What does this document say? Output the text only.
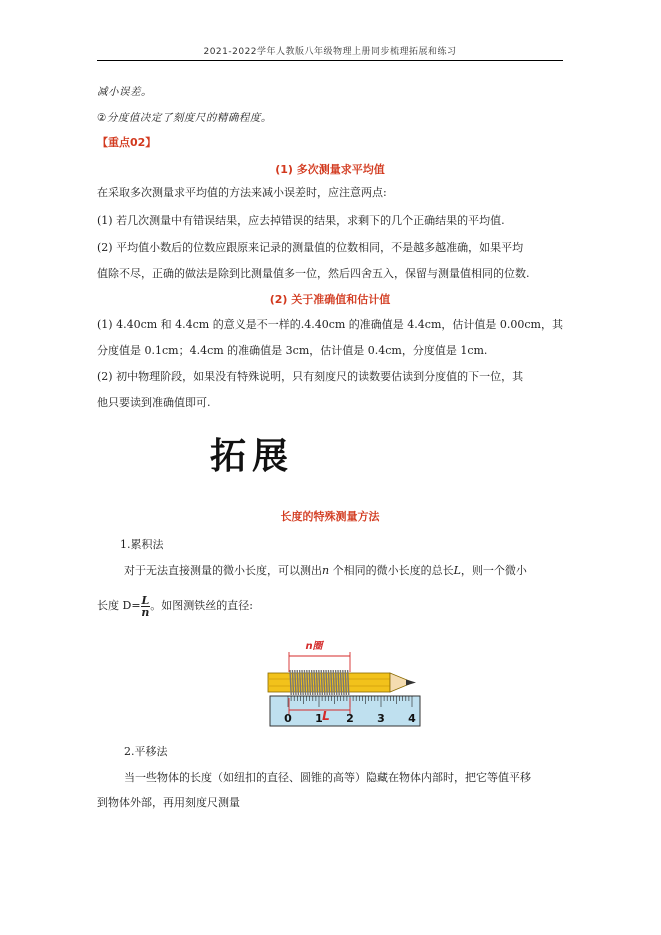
2021-2022学年人教版八年级物理上册同步梳理拓展和练习
减小误差。
②分度值决定了刻度尺的精确程度。
【重点02】
(1) 多次测量求平均值
在采取多次测量求平均值的方法来减小误差时，应注意两点:
(1) 若几次测量中有错误结果，应去掉错误的结果，求剩下的几个正确结果的平均值.
(2) 平均值小数后的位数应跟原来记录的测量值的位数相同，不是越多越准确，如果平均
值除不尽，正确的做法是除到比测量值多一位，然后四舍五入，保留与测量值相同的位数.
(2) 关于准确值和估计值
(1) 4.40cm 和 4.4cm 的意义是不一样的.4.40cm 的准确值是 4.4cm，估计值是 0.00cm，其
分度值是 0.1cm；4.4cm 的准确值是 3cm，估计值是 0.4cm，分度值是 1cm.
(2) 初中物理阶段，如果没有特殊说明，只有刻度尺的读数要估读到分度值的下一位，其
他只要读到准确值即可.
拓展
长度的特殊测量方法
1.累积法
对于无法直接测量的微小长度，可以测出n 个相同的微小长度的总长L，则一个微小
长度 $D= \frac{L}{n}$ 。如图测铁丝的直径:
0 1 2 3 4
n圈
L
2.平移法
当一些物体的长度（如纽扣的直径、圆锥的高等）隐藏在物体内部时，把它等值平移
到物体外部，再用刻度尺测量
